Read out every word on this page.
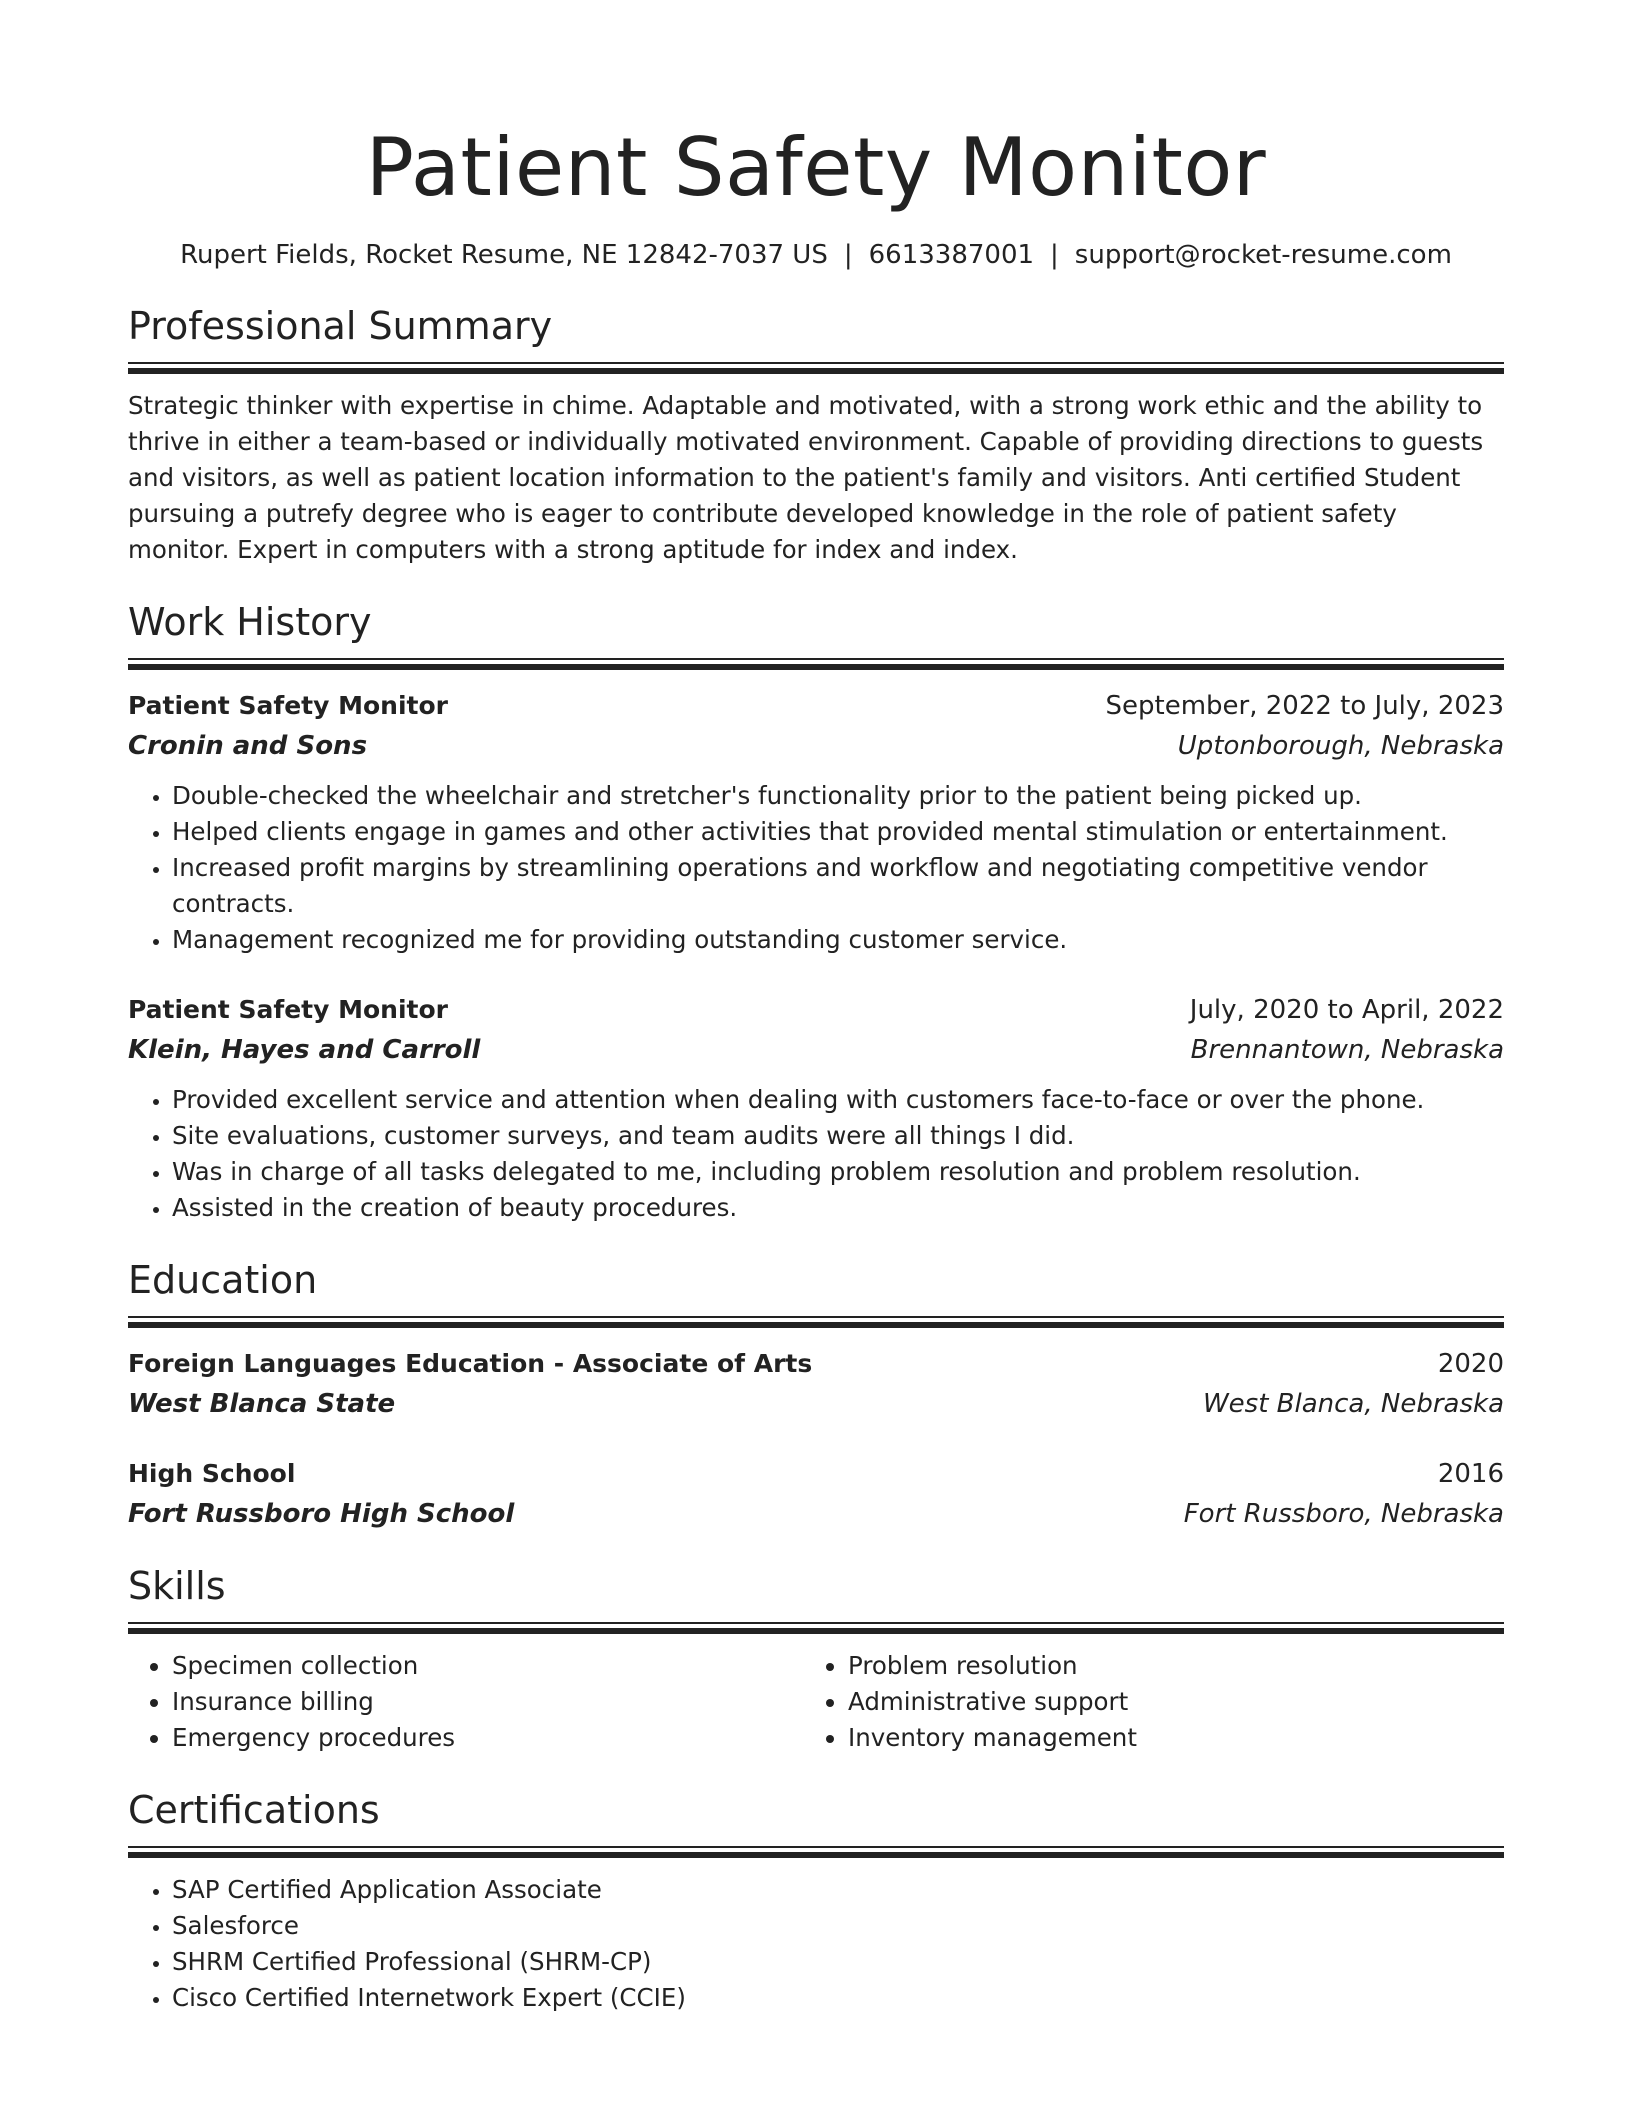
Patient Safety Monitor
Rupert Fields, Rocket Resume, NE 12842-7037 US | 6613387001 | support@rocket-resume.com
Professional Summary
Strategic thinker with expertise in chime. Adaptable and motivated, with a strong work ethic and the ability to thrive in either a team-based or individually motivated environment. Capable of providing directions to guests and visitors, as well as patient location information to the patient's family and visitors. Anti certified Student pursuing a putrefy degree who is eager to contribute developed knowledge in the role of patient safety monitor. Expert in computers with a strong aptitude for index and index.
Work History
Patient Safety Monitor	September, 2022 to July, 2023
Cronin and Sons	Uptonborough, Nebraska
• Double-checked the wheelchair and stretcher's functionality prior to the patient being picked up.
• Helped clients engage in games and other activities that provided mental stimulation or entertainment.
• Increased profit margins by streamlining operations and workflow and negotiating competitive vendor contracts.
• Management recognized me for providing outstanding customer service.
Patient Safety Monitor	July, 2020 to April, 2022
Klein, Hayes and Carroll	Brennantown, Nebraska
• Provided excellent service and attention when dealing with customers face-to-face or over the phone.
• Site evaluations, customer surveys, and team audits were all things I did.
• Was in charge of all tasks delegated to me, including problem resolution and problem resolution.
• Assisted in the creation of beauty procedures.
Education
Foreign Languages Education - Associate of Arts	2020
West Blanca State	West Blanca, Nebraska
High School	2016
Fort Russboro High School	Fort Russboro, Nebraska
Skills
• Specimen collection
• Insurance billing
• Emergency procedures
• Problem resolution
• Administrative support
• Inventory management
Certifications
• SAP Certified Application Associate
• Salesforce
• SHRM Certified Professional (SHRM-CP)
• Cisco Certified Internetwork Expert (CCIE)
